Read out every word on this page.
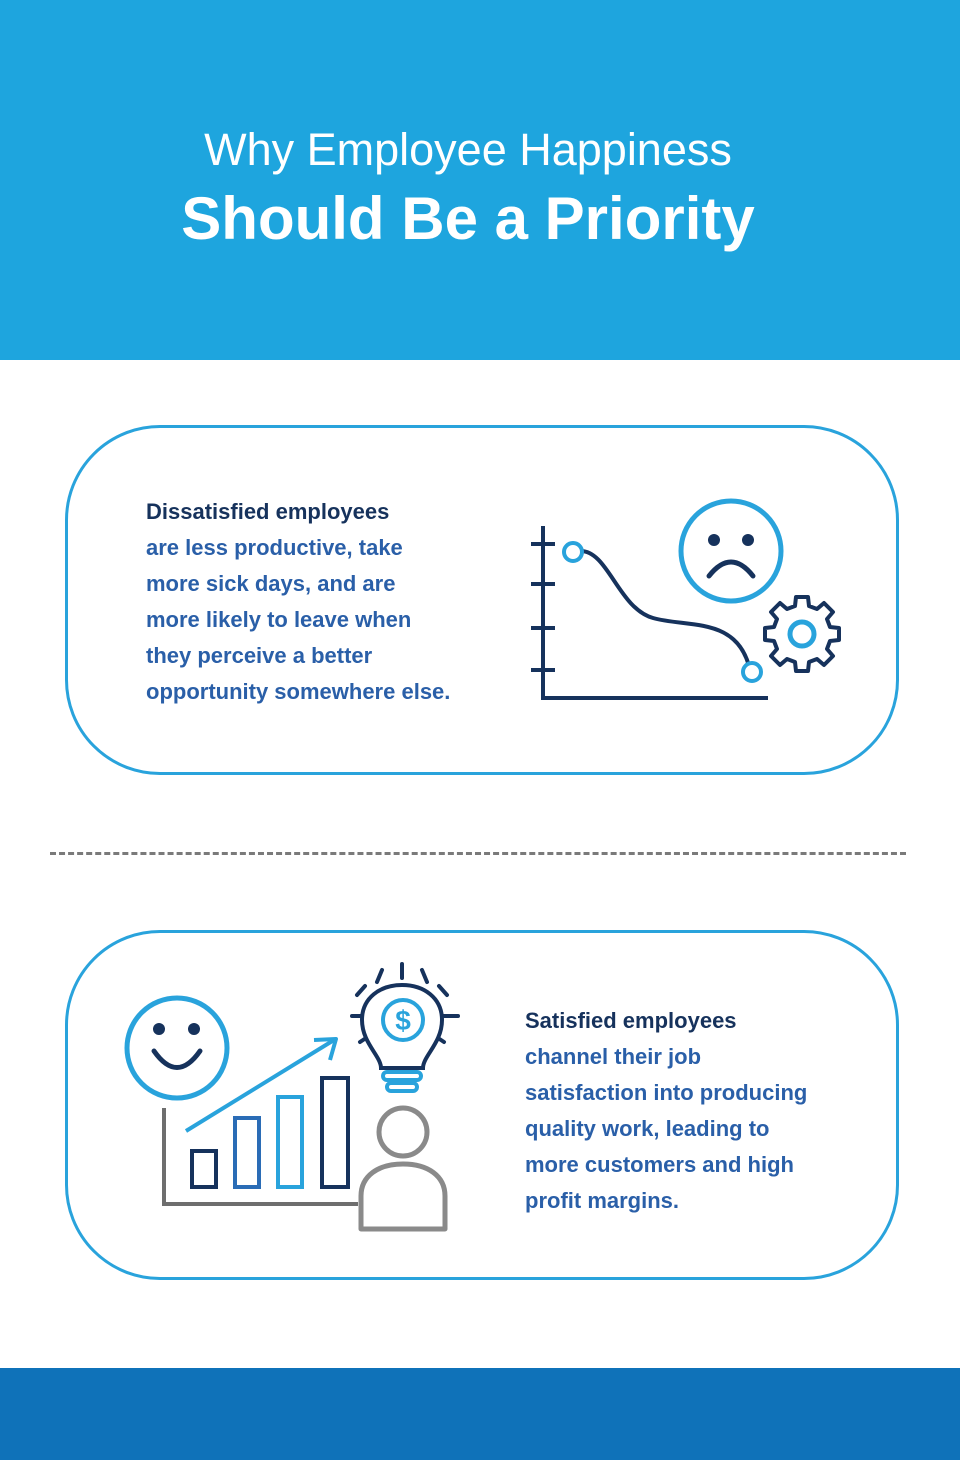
Why Employee Happiness
Should Be a Priority
Dissatisfied employees
are less productive, take
more sick days, and are
more likely to leave when
they perceive a better
opportunity somewhere else.
$	Satisfied employees
channel their job
satisfaction into producing
quality work, leading to
more customers and high
profit margins.
